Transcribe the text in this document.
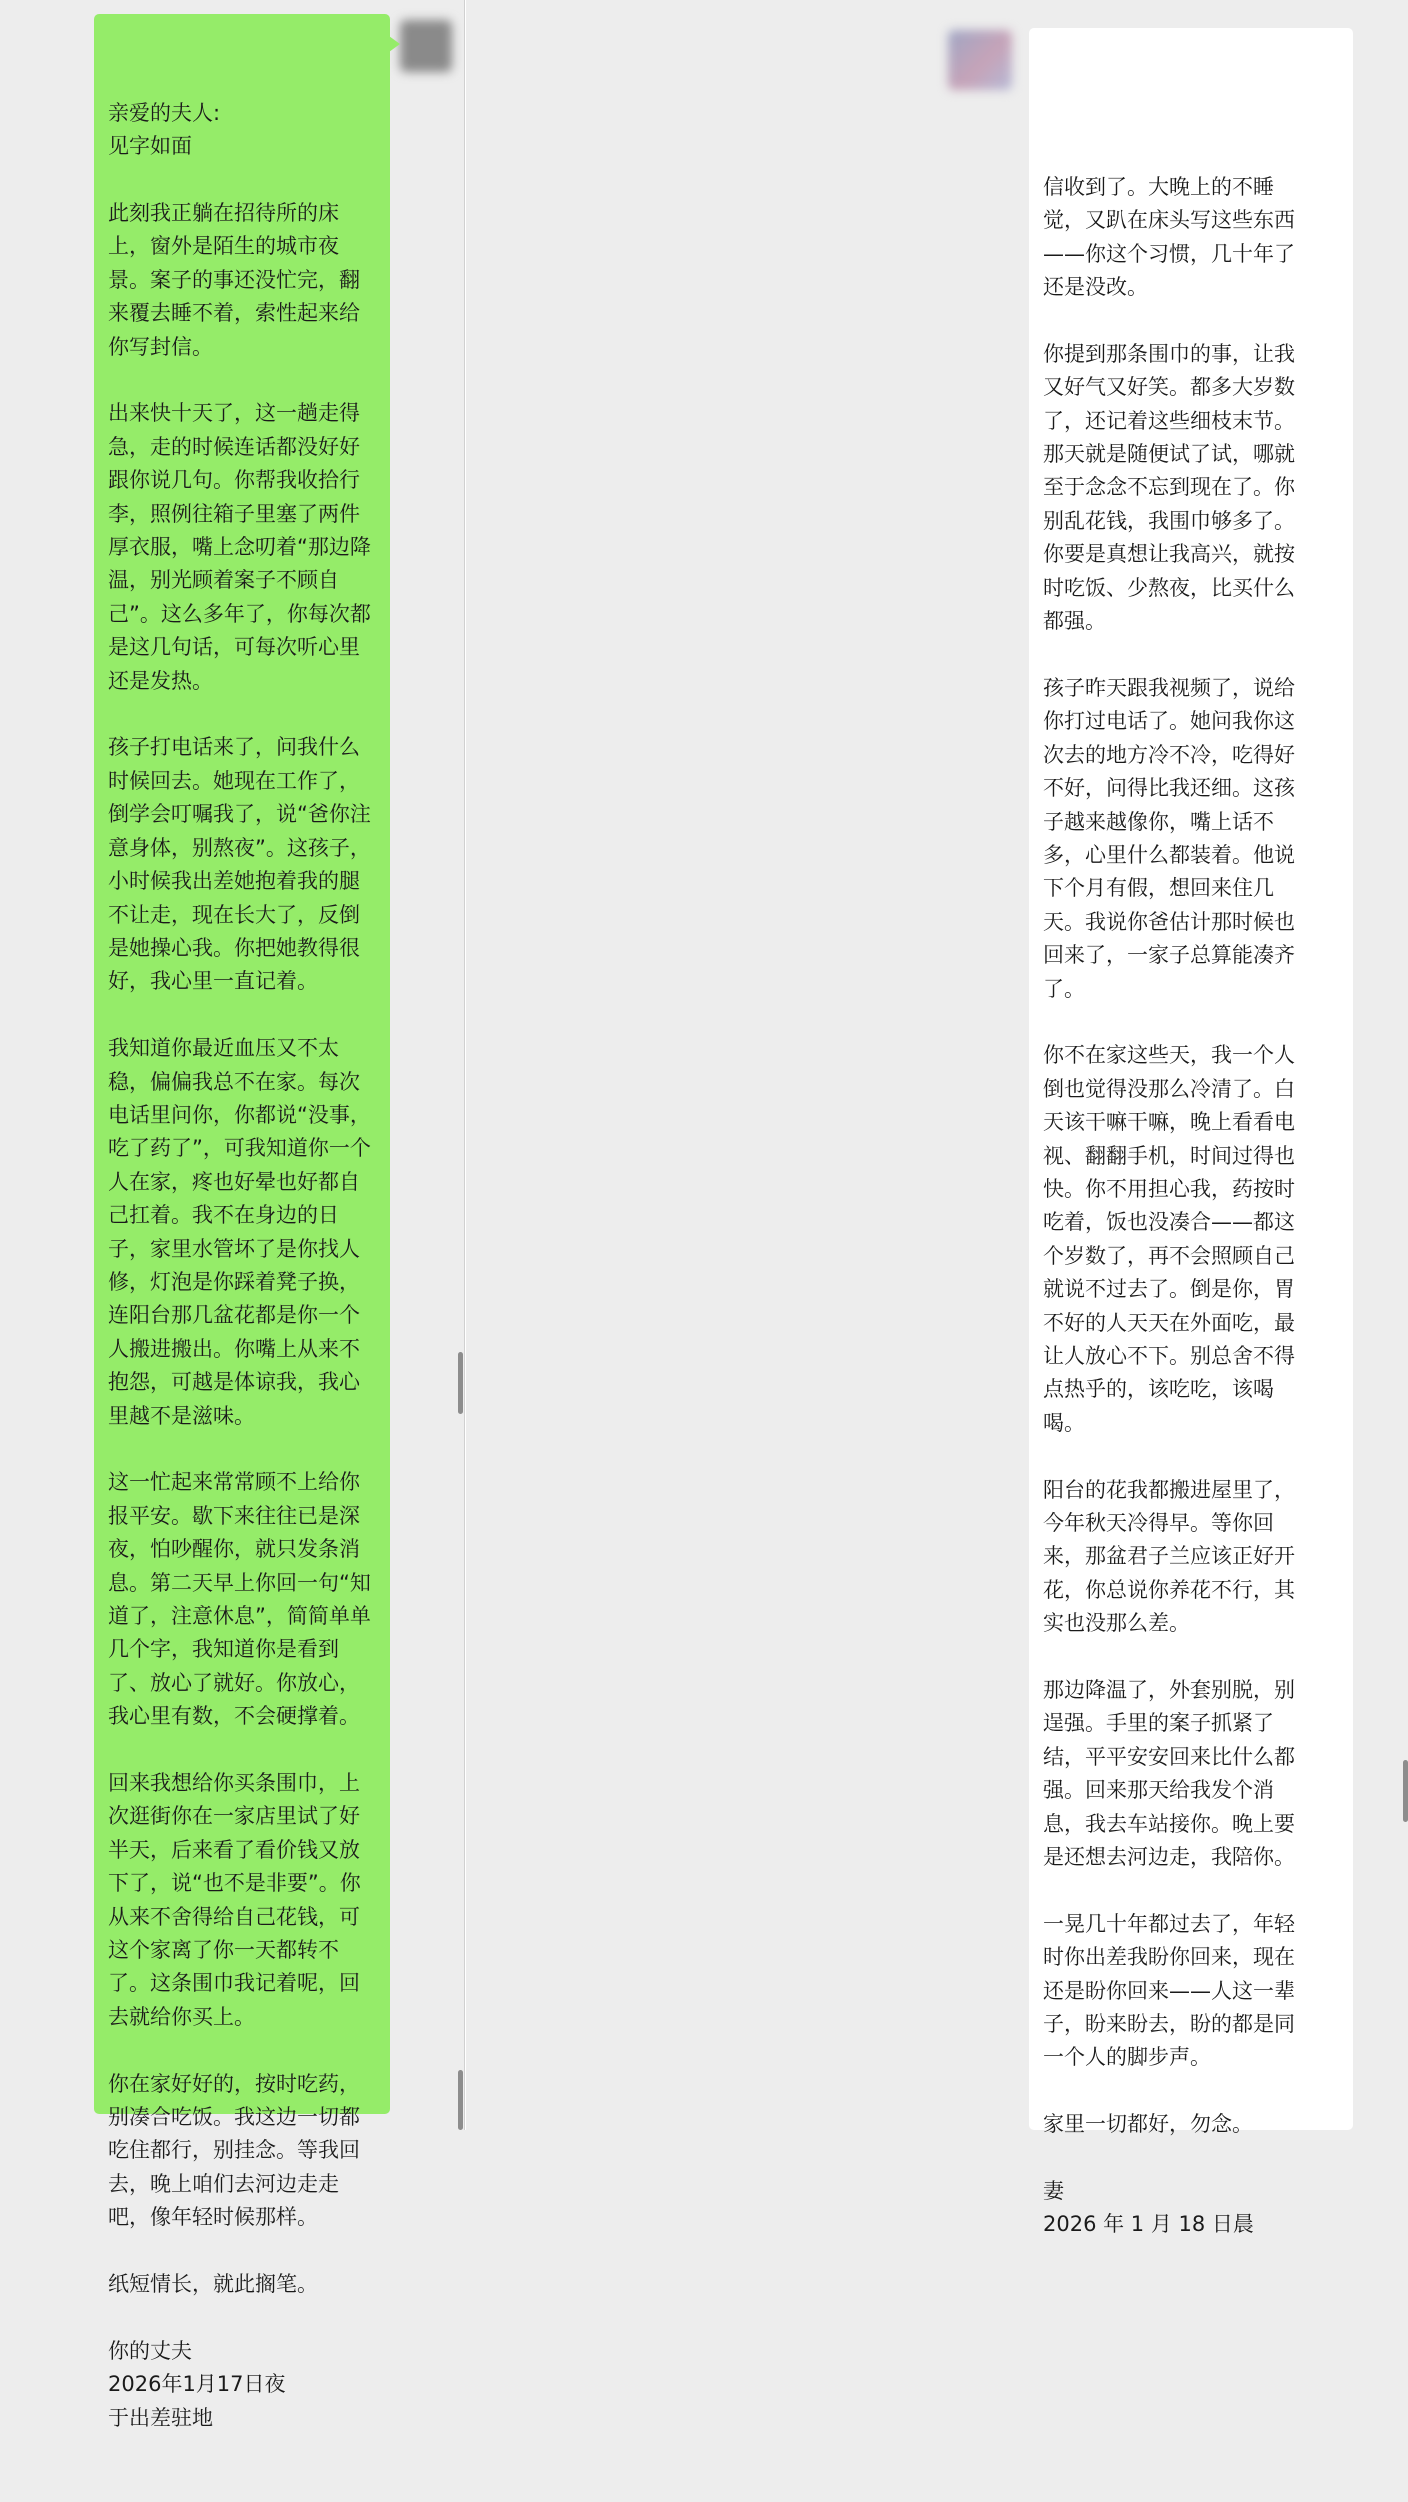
亲爱的夫人:
见字如面
此刻我正躺在招待所的床
上，窗外是陌生的城市夜
景。案子的事还没忙完，翻
来覆去睡不着，索性起来给
你写封信。
出来快十天了，这一趟走得
急，走的时候连话都没好好
跟你说几句。你帮我收拾行
李，照例往箱子里塞了两件
厚衣服，嘴上念叨着“那边降
温，别光顾着案子不顾自
己”。这么多年了，你每次都
是这几句话，可每次听心里
还是发热。
孩子打电话来了，问我什么
时候回去。她现在工作了，
倒学会叮嘱我了，说“爸你注
意身体，别熬夜”。这孩子，
小时候我出差她抱着我的腿
不让走，现在长大了，反倒
是她操心我。你把她教得很
好，我心里一直记着。
我知道你最近血压又不太
稳，偏偏我总不在家。每次
电话里问你，你都说“没事，
吃了药了”，可我知道你一个
人在家，疼也好晕也好都自
己扛着。我不在身边的日
子，家里水管坏了是你找人
修，灯泡是你踩着凳子换，
连阳台那几盆花都是你一个
人搬进搬出。你嘴上从来不
抱怨，可越是体谅我，我心
里越不是滋味。
这一忙起来常常顾不上给你
报平安。歇下来往往已是深
夜，怕吵醒你，就只发条消
息。第二天早上你回一句“知
道了，注意休息”，简简单单
几个字，我知道你是看到
了、放心了就好。你放心，
我心里有数，不会硬撑着。
回来我想给你买条围巾，上
次逛街你在一家店里试了好
半天，后来看了看价钱又放
下了，说“也不是非要”。你
从来不舍得给自己花钱，可
这个家离了你一天都转不
了。这条围巾我记着呢，回
去就给你买上。
你在家好好的，按时吃药，
别凑合吃饭。我这边一切都
吃住都行，别挂念。等我回
去，晚上咱们去河边走走
吧，像年轻时候那样。
纸短情长，就此搁笔。
你的丈夫
2026年1月17日夜
于出差驻地

信收到了。大晚上的不睡
觉，又趴在床头写这些东西
——你这个习惯，几十年了
还是没改。
你提到那条围巾的事，让我
又好气又好笑。都多大岁数
了，还记着这些细枝末节。
那天就是随便试了试，哪就
至于念念不忘到现在了。你
别乱花钱，我围巾够多了。
你要是真想让我高兴，就按
时吃饭、少熬夜，比买什么
都强。
孩子昨天跟我视频了，说给
你打过电话了。她问我你这
次去的地方冷不冷，吃得好
不好，问得比我还细。这孩
子越来越像你，嘴上话不
多，心里什么都装着。他说
下个月有假，想回来住几
天。我说你爸估计那时候也
回来了，一家子总算能凑齐
了。
你不在家这些天，我一个人
倒也觉得没那么冷清了。白
天该干嘛干嘛，晚上看看电
视、翻翻手机，时间过得也
快。你不用担心我，药按时
吃着，饭也没凑合——都这
个岁数了，再不会照顾自己
就说不过去了。倒是你，胃
不好的人天天在外面吃，最
让人放心不下。别总舍不得
点热乎的，该吃吃，该喝
喝。
阳台的花我都搬进屋里了，
今年秋天冷得早。等你回
来，那盆君子兰应该正好开
花，你总说你养花不行，其
实也没那么差。
那边降温了，外套别脱，别
逞强。手里的案子抓紧了
结，平平安安回来比什么都
强。回来那天给我发个消
息，我去车站接你。晚上要
是还想去河边走，我陪你。
一晃几十年都过去了，年轻
时你出差我盼你回来，现在
还是盼你回来——人这一辈
子，盼来盼去，盼的都是同
一个人的脚步声。
家里一切都好，勿念。
妻
2026 年 1 月 18 日晨
